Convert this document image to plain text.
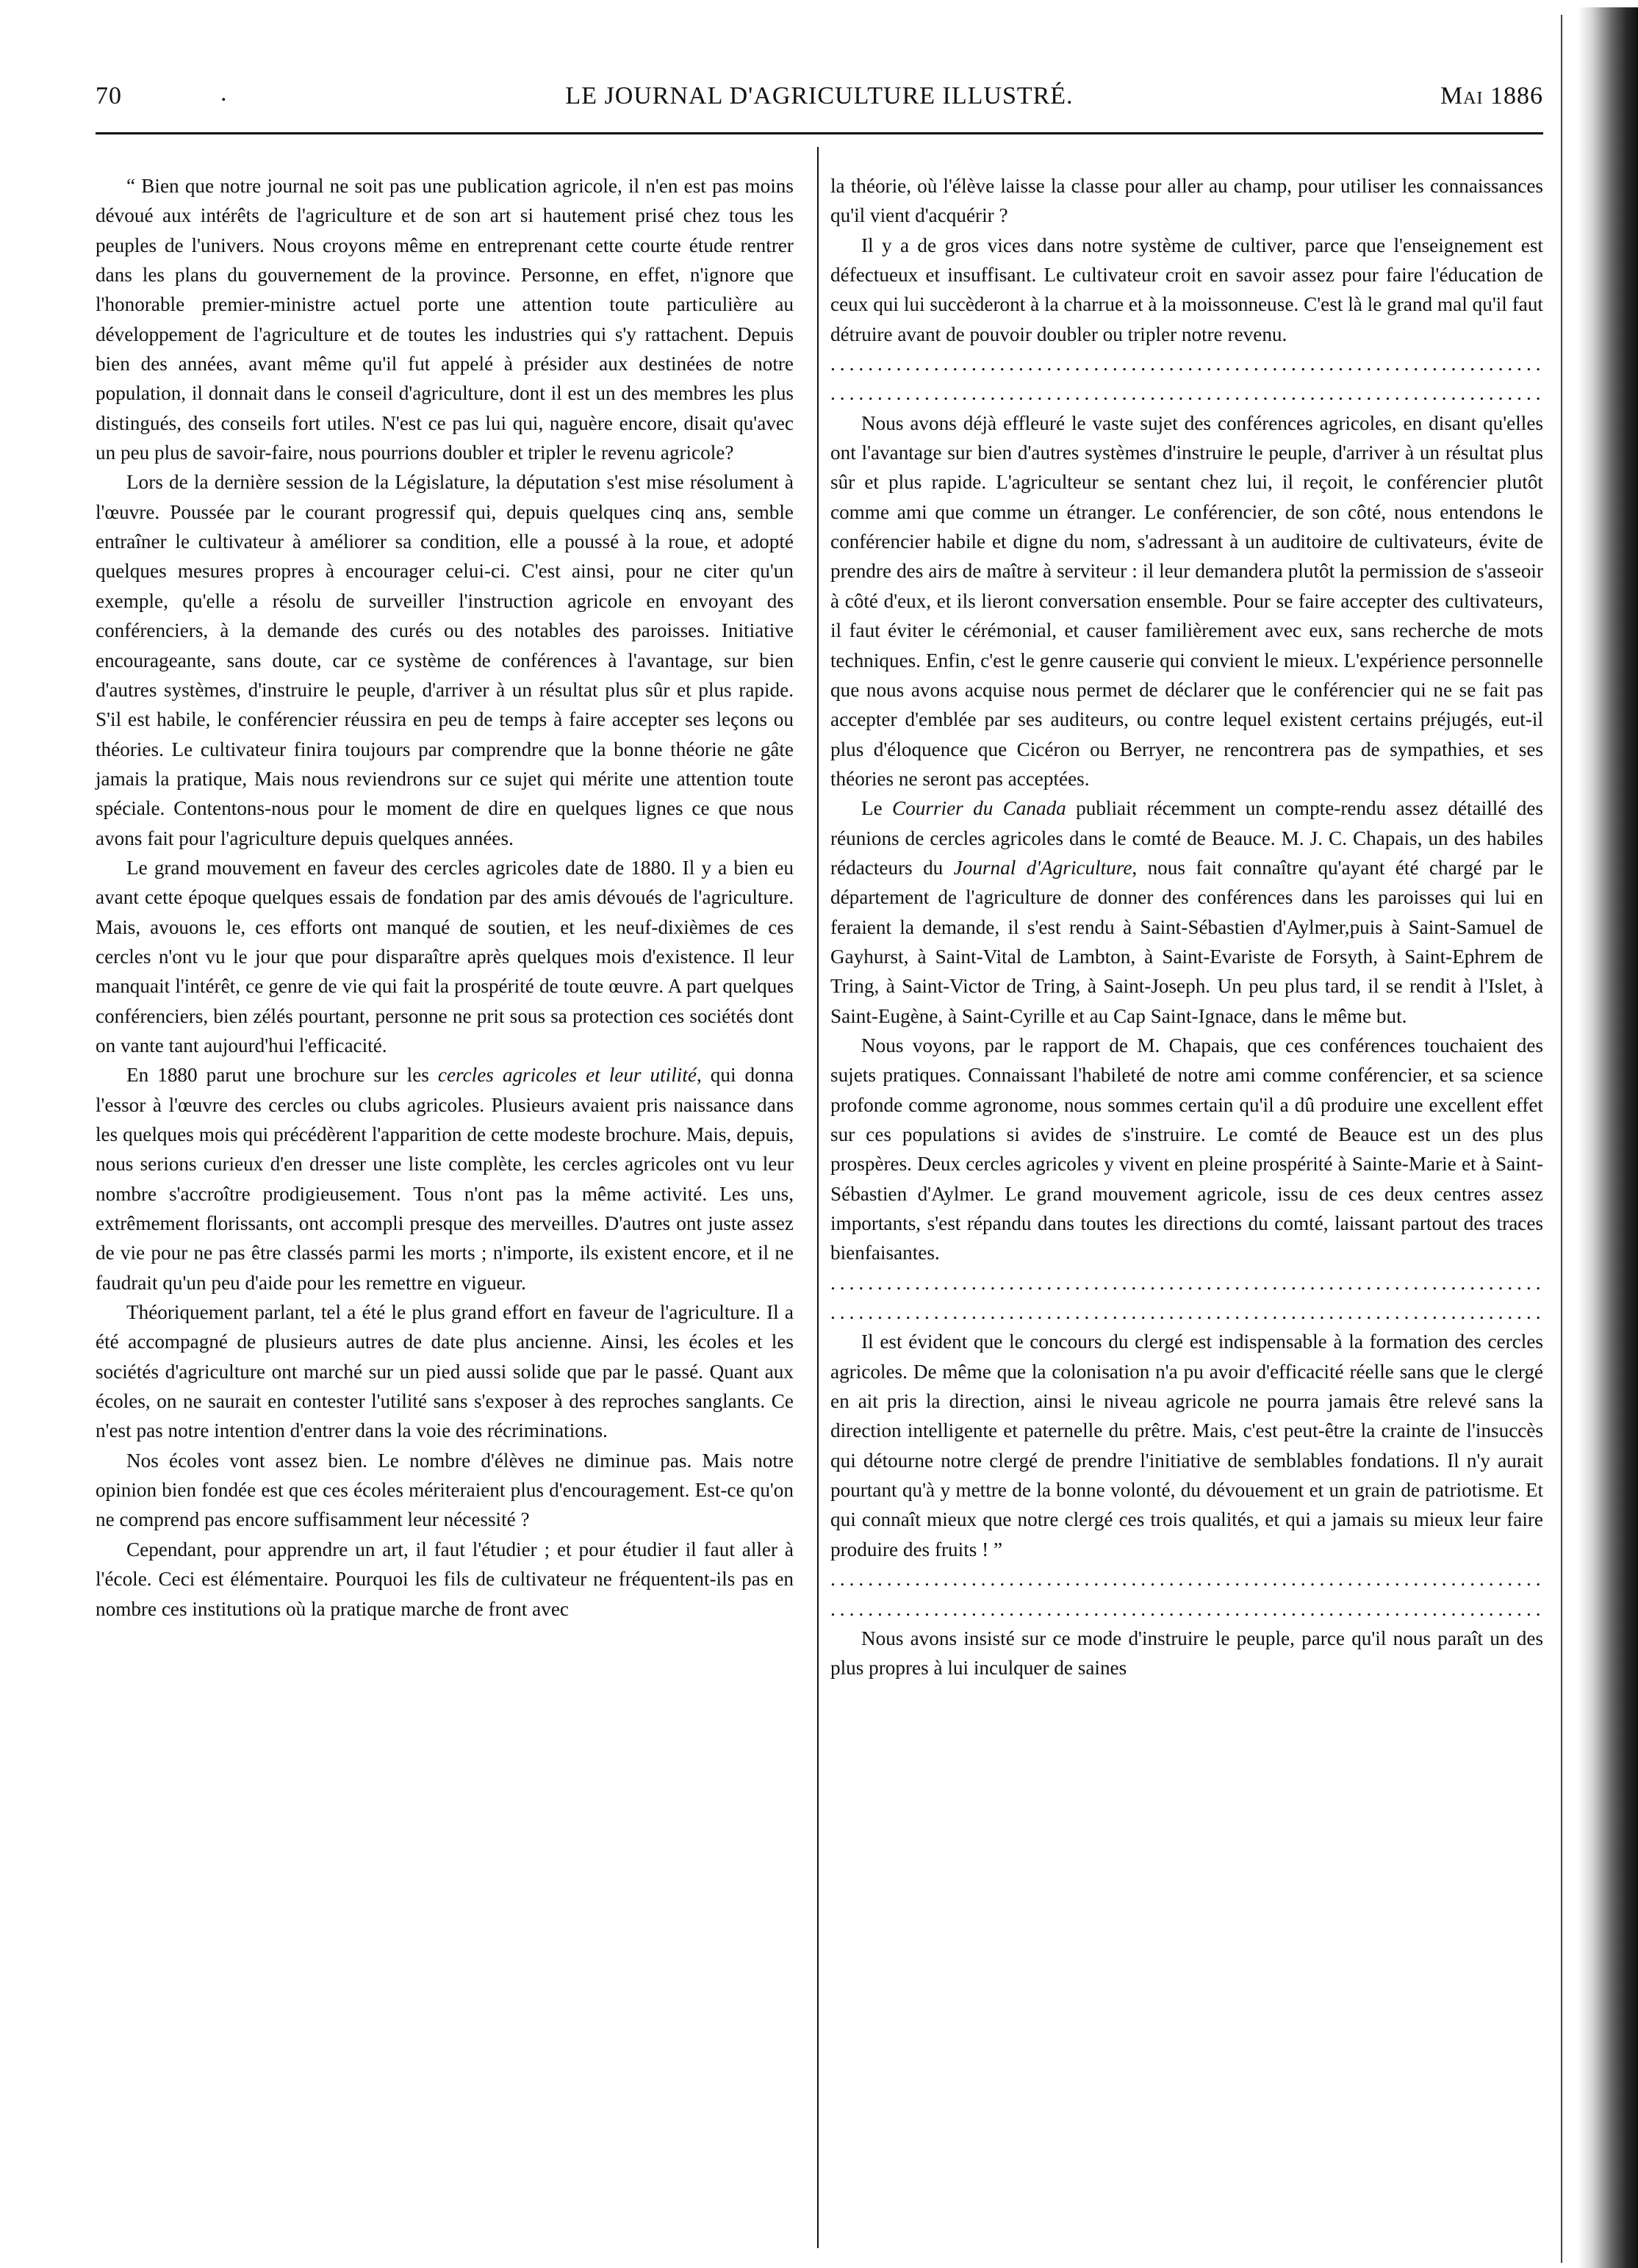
70	.	LE JOURNAL D'AGRICULTURE ILLUSTRÉ.	Mai 1886

“ Bien que notre journal ne soit pas une publication agricole, il n'en est pas moins dévoué aux intérêts de l'agriculture et de son art si hautement prisé chez tous les peuples de l'univers. Nous croyons même en entreprenant cette courte étude rentrer dans les plans du gouvernement de la province. Personne, en effet, n'ignore que l'honorable premier-ministre actuel porte une attention toute particulière au développement de l'agriculture et de toutes les industries qui s'y rattachent. Depuis bien des années, avant même qu'il fut appelé à présider aux destinées de notre population, il donnait dans le conseil d'agriculture, dont il est un des membres les plus distingués, des conseils fort utiles. N'est ce pas lui qui, naguère encore, disait qu'avec un peu plus de savoir-faire, nous pourrions doubler et tripler le revenu agricole?

Lors de la dernière session de la Législature, la députation s'est mise résolument à l'œuvre. Poussée par le courant progressif qui, depuis quelques cinq ans, semble entraîner le cultivateur à améliorer sa condition, elle a poussé à la roue, et adopté quelques mesures propres à encourager celui-ci. C'est ainsi, pour ne citer qu'un exemple, qu'elle a résolu de surveiller l'instruction agricole en envoyant des conférenciers, à la demande des curés ou des notables des paroisses. Initiative encourageante, sans doute, car ce système de conférences à l'avantage, sur bien d'autres systèmes, d'instruire le peuple, d'arriver à un résultat plus sûr et plus rapide. S'il est habile, le conférencier réussira en peu de temps à faire accepter ses leçons ou théories. Le cultivateur finira toujours par comprendre que la bonne théorie ne gâte jamais la pratique, Mais nous reviendrons sur ce sujet qui mérite une attention toute spéciale. Contentons-nous pour le moment de dire en quelques lignes ce que nous avons fait pour l'agriculture depuis quelques années.

Le grand mouvement en faveur des cercles agricoles date de 1880. Il y a bien eu avant cette époque quelques essais de fondation par des amis dévoués de l'agriculture. Mais, avouons le, ces efforts ont manqué de soutien, et les neuf-dixièmes de ces cercles n'ont vu le jour que pour disparaître après quelques mois d'existence. Il leur manquait l'intérêt, ce genre de vie qui fait la prospérité de toute œuvre. A part quelques conférenciers, bien zélés pourtant, personne ne prit sous sa protection ces sociétés dont on vante tant aujourd'hui l'efficacité.

En 1880 parut une brochure sur les cercles agricoles et leur utilité, qui donna l'essor à l'œuvre des cercles ou clubs agricoles. Plusieurs avaient pris naissance dans les quelques mois qui précédèrent l'apparition de cette modeste brochure. Mais, depuis, nous serions curieux d'en dresser une liste complète, les cercles agricoles ont vu leur nombre s'accroître prodigieusement. Tous n'ont pas la même activité. Les uns, extrêmement florissants, ont accompli presque des merveilles. D'autres ont juste assez de vie pour ne pas être classés parmi les morts ; n'importe, ils existent encore, et il ne faudrait qu'un peu d'aide pour les remettre en vigueur.

Théoriquement parlant, tel a été le plus grand effort en faveur de l'agriculture. Il a été accompagné de plusieurs autres de date plus ancienne. Ainsi, les écoles et les sociétés d'agriculture ont marché sur un pied aussi solide que par le passé. Quant aux écoles, on ne saurait en contester l'utilité sans s'exposer à des reproches sanglants. Ce n'est pas notre intention d'entrer dans la voie des récriminations.

Nos écoles vont assez bien. Le nombre d'élèves ne diminue pas. Mais notre opinion bien fondée est que ces écoles mériteraient plus d'encouragement. Est-ce qu'on ne comprend pas encore suffisamment leur nécessité ?

Cependant, pour apprendre un art, il faut l'étudier ; et pour étudier il faut aller à l'école. Ceci est élémentaire. Pourquoi les fils de cultivateur ne fréquentent-ils pas en nombre ces institutions où la pratique marche de front avec

la théorie, où l'élève laisse la classe pour aller au champ, pour utiliser les connaissances qu'il vient d'acquérir ?

Il y a de gros vices dans notre système de cultiver, parce que l'enseignement est défectueux et insuffisant. Le cultivateur croit en savoir assez pour faire l'éducation de ceux qui lui succèderont à la charrue et à la moissonneuse. C'est là le grand mal qu'il faut détruire avant de pouvoir doubler ou tripler notre revenu.

.....
.....

Nous avons déjà effleuré le vaste sujet des conférences agricoles, en disant qu'elles ont l'avantage sur bien d'autres systèmes d'instruire le peuple, d'arriver à un résultat plus sûr et plus rapide. L'agriculteur se sentant chez lui, il reçoit, le conférencier plutôt comme ami que comme un étranger. Le conférencier, de son côté, nous entendons le conférencier habile et digne du nom, s'adressant à un auditoire de cultivateurs, évite de prendre des airs de maître à serviteur : il leur demandera plutôt la permission de s'asseoir à côté d'eux, et ils lieront conversation ensemble. Pour se faire accepter des cultivateurs, il faut éviter le cérémonial, et causer familièrement avec eux, sans recherche de mots techniques. Enfin, c'est le genre causerie qui convient le mieux. L'expérience personnelle que nous avons acquise nous permet de déclarer que le conférencier qui ne se fait pas accepter d'emblée par ses auditeurs, ou contre lequel existent certains préjugés, eut-il plus d'éloquence que Cicéron ou Berryer, ne rencontrera pas de sympathies, et ses théories ne seront pas acceptées.

Le Courrier du Canada publiait récemment un compte-rendu assez détaillé des réunions de cercles agricoles dans le comté de Beauce. M. J. C. Chapais, un des habiles rédacteurs du Journal d'Agriculture, nous fait connaître qu'ayant été chargé par le département de l'agriculture de donner des conférences dans les paroisses qui lui en feraient la demande, il s'est rendu à Saint-Sébastien d'Aylmer,puis à Saint-Samuel de Gayhurst, à Saint-Vital de Lambton, à Saint-Evariste de Forsyth, à Saint-Ephrem de Tring, à Saint-Victor de Tring, à Saint-Joseph. Un peu plus tard, il se rendit à l'Islet, à Saint-Eugène, à Saint-Cyrille et au Cap Saint-Ignace, dans le même but.

Nous voyons, par le rapport de M. Chapais, que ces conférences touchaient des sujets pratiques. Connaissant l'habileté de notre ami comme conférencier, et sa science profonde comme agronome, nous sommes certain qu'il a dû produire une excellent effet sur ces populations si avides de s'instruire. Le comté de Beauce est un des plus prospères. Deux cercles agricoles y vivent en pleine prospérité à Sainte-Marie et à Saint-Sébastien d'Aylmer. Le grand mouvement agricole, issu de ces deux centres assez importants, s'est répandu dans toutes les directions du comté, laissant partout des traces bienfaisantes.

.....
.....

Il est évident que le concours du clergé est indispensable à la formation des cercles agricoles. De même que la colonisation n'a pu avoir d'efficacité réelle sans que le clergé en ait pris la direction, ainsi le niveau agricole ne pourra jamais être relevé sans la direction intelligente et paternelle du prêtre. Mais, c'est peut-être la crainte de l'insuccès qui détourne notre clergé de prendre l'initiative de semblables fondations. Il n'y aurait pourtant qu'à y mettre de la bonne volonté, du dévouement et un grain de patriotisme. Et qui connaît mieux que notre clergé ces trois qualités, et qui a jamais su mieux leur faire produire des fruits ! ”

.....
.....

Nous avons insisté sur ce mode d'instruire le peuple, parce qu'il nous paraît un des plus propres à lui inculquer de saines
